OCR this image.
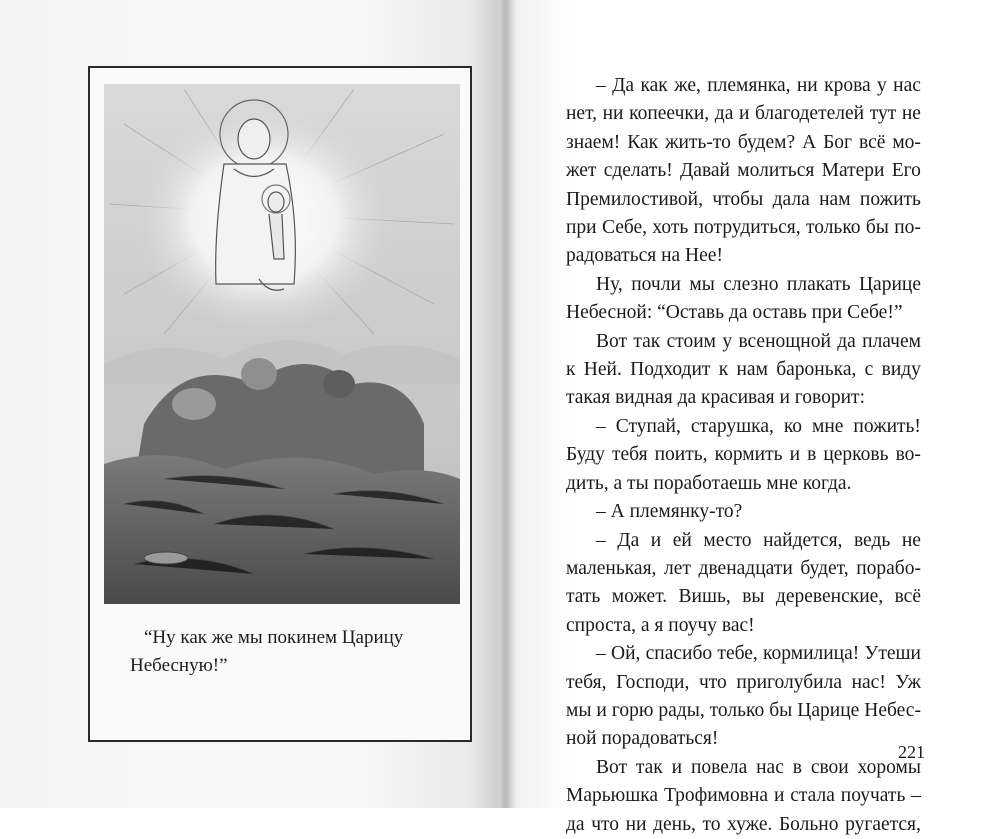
“Ну как же мы покинем Царицу Небесную!”
– Да как же, племянка, ни крова у нас
нет, ни копеечки, да и благодетелей тут не
знаем! Как жить-то будем? А Бог всё мо-
жет сделать! Давай молиться Матери Его
Премилостивой, чтобы дала нам пожить
при Себе, хоть потрудиться, только бы по-
радоваться на Нее!
Ну, почли мы слезно плакать Царице
Небесной: “Оставь да оставь при Себе!”
Вот так стоим у всенощной да плачем
к Ней. Подходит к нам баронька, с виду
такая видная да красивая и говорит:
– Ступай, старушка, ко мне пожить!
Буду тебя поить, кормить и в церковь во-
дить, а ты поработаешь мне когда.
– А племянку-то?
– Да и ей место найдется, ведь не
маленькая, лет двенадцати будет, порабо-
тать может. Вишь, вы деревенские, всё
спроста, а я поучу вас!
– Ой, спасибо тебе, кормилица! Утеши
тебя, Господи, что приголубила нас! Уж
мы и горю рады, только бы Царице Небес-
ной порадоваться!
Вот так и повела нас в свои хоромы
Марьюшка Трофимовна и стала поучать –
да что ни день, то хуже. Больно ругается,
221
